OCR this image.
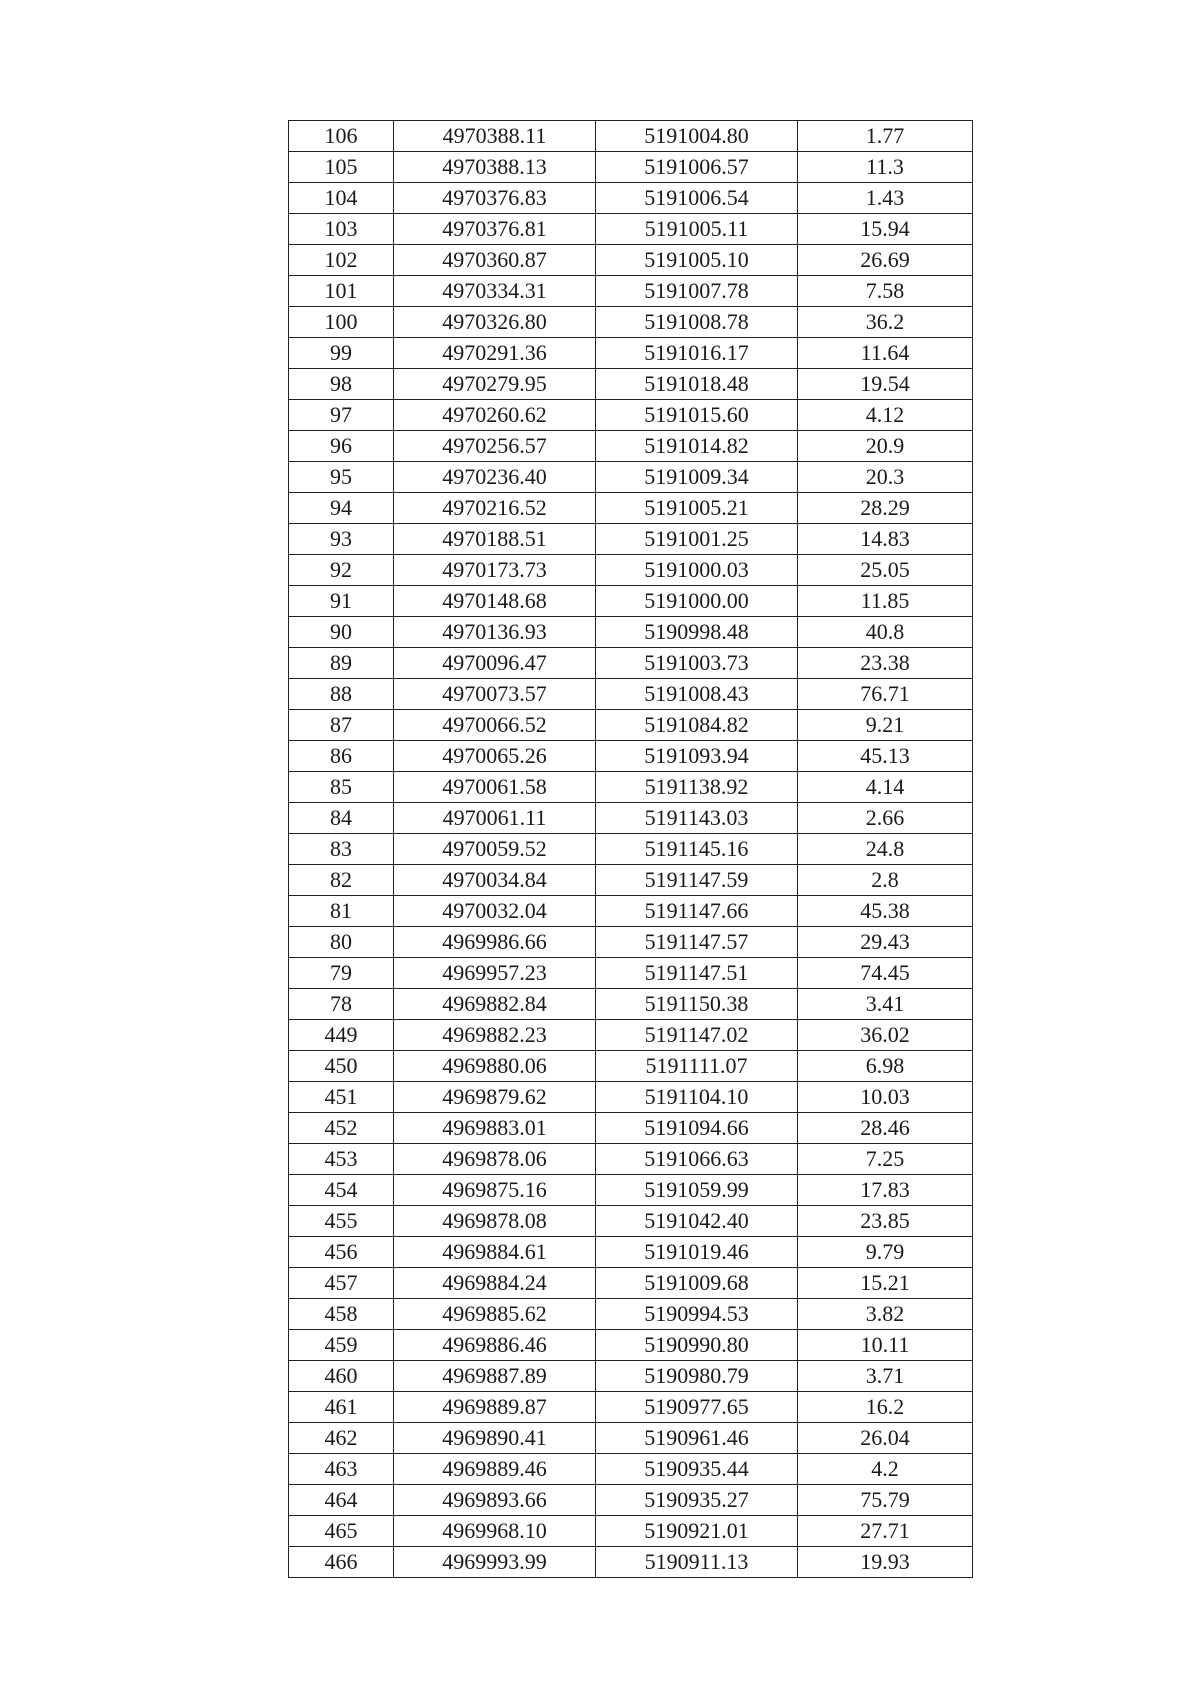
106	4970388.11	5191004.80	1.77
105	4970388.13	5191006.57	11.3
104	4970376.83	5191006.54	1.43
103	4970376.81	5191005.11	15.94
102	4970360.87	5191005.10	26.69
101	4970334.31	5191007.78	7.58
100	4970326.80	5191008.78	36.2
99	4970291.36	5191016.17	11.64
98	4970279.95	5191018.48	19.54
97	4970260.62	5191015.60	4.12
96	4970256.57	5191014.82	20.9
95	4970236.40	5191009.34	20.3
94	4970216.52	5191005.21	28.29
93	4970188.51	5191001.25	14.83
92	4970173.73	5191000.03	25.05
91	4970148.68	5191000.00	11.85
90	4970136.93	5190998.48	40.8
89	4970096.47	5191003.73	23.38
88	4970073.57	5191008.43	76.71
87	4970066.52	5191084.82	9.21
86	4970065.26	5191093.94	45.13
85	4970061.58	5191138.92	4.14
84	4970061.11	5191143.03	2.66
83	4970059.52	5191145.16	24.8
82	4970034.84	5191147.59	2.8
81	4970032.04	5191147.66	45.38
80	4969986.66	5191147.57	29.43
79	4969957.23	5191147.51	74.45
78	4969882.84	5191150.38	3.41
449	4969882.23	5191147.02	36.02
450	4969880.06	5191111.07	6.98
451	4969879.62	5191104.10	10.03
452	4969883.01	5191094.66	28.46
453	4969878.06	5191066.63	7.25
454	4969875.16	5191059.99	17.83
455	4969878.08	5191042.40	23.85
456	4969884.61	5191019.46	9.79
457	4969884.24	5191009.68	15.21
458	4969885.62	5190994.53	3.82
459	4969886.46	5190990.80	10.11
460	4969887.89	5190980.79	3.71
461	4969889.87	5190977.65	16.2
462	4969890.41	5190961.46	26.04
463	4969889.46	5190935.44	4.2
464	4969893.66	5190935.27	75.79
465	4969968.10	5190921.01	27.71
466	4969993.99	5190911.13	19.93
